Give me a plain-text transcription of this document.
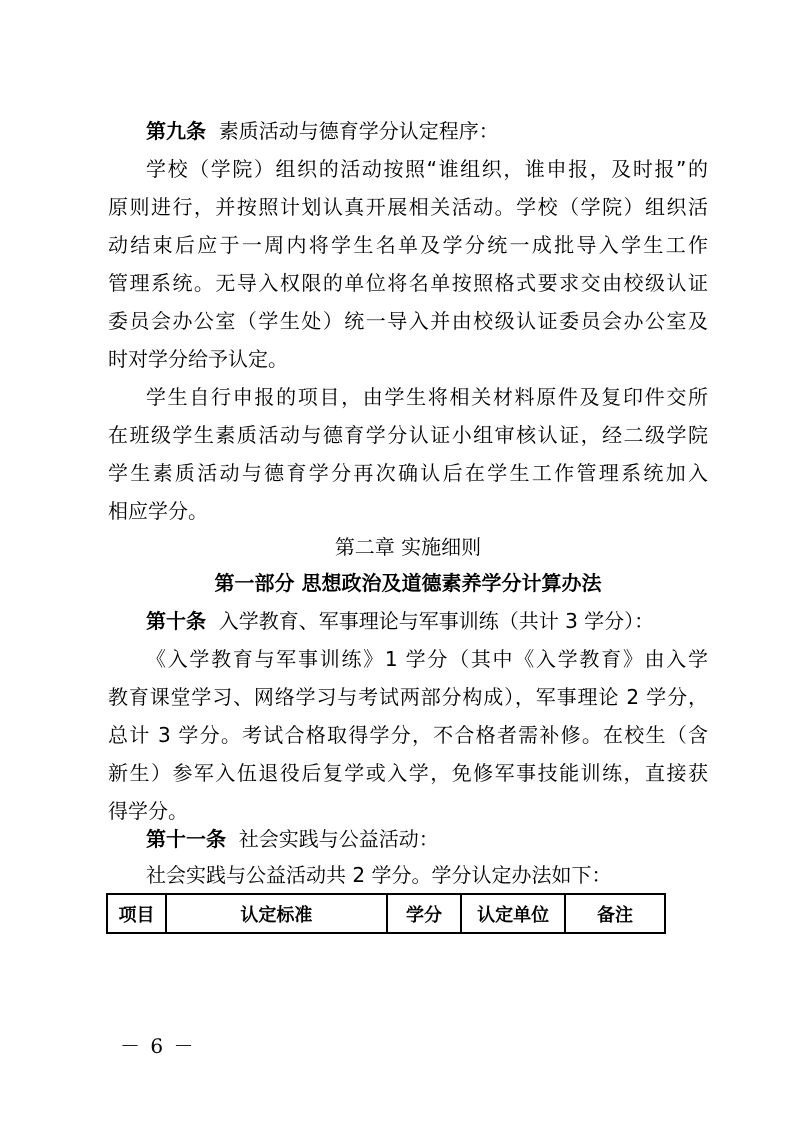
第九条 素质活动与德育学分认定程序：
学校（学院）组织的活动按照“谁组织，谁申报，及时报”的
原则进行，并按照计划认真开展相关活动。学校（学院）组织活
动结束后应于一周内将学生名单及学分统一成批导入学生工作
管理系统。无导入权限的单位将名单按照格式要求交由校级认证
委员会办公室（学生处）统一导入并由校级认证委员会办公室及
时对学分给予认定。
学生自行申报的项目，由学生将相关材料原件及复印件交所
在班级学生素质活动与德育学分认证小组审核认证，经二级学院
学生素质活动与德育学分再次确认后在学生工作管理系统加入
相应学分。
第二章 实施细则
第一部分 思想政治及道德素养学分计算办法
第十条 入学教育、军事理论与军事训练（共计 3 学分）：
《入学教育与军事训练》1 学分（其中《入学教育》由入学
教育课堂学习、网络学习与考试两部分构成），军事理论 2 学分，
总计 3 学分。考试合格取得学分，不合格者需补修。在校生（含
新生）参军入伍退役后复学或入学，免修军事技能训练，直接获
得学分。
第十一条 社会实践与公益活动：
社会实践与公益活动共 2 学分。学分认定办法如下：
项目	认定标准	学分	认定单位	备注
－ 6 －
